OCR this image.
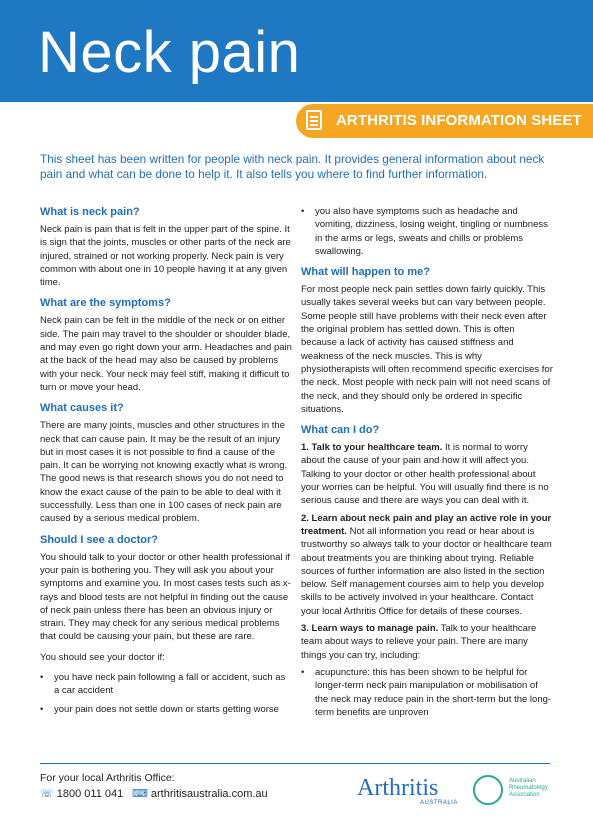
Neck pain
ARTHRITIS INFORMATION SHEET
This sheet has been written for people with neck pain. It provides general information about neck pain and what can be done to help it. It also tells you where to find further information.
What is neck pain?

Neck pain is pain that is felt in the upper part of the spine. It is sign that the joints, muscles or other parts of the neck are injured, strained or not working properly. Neck pain is very common with about one in 10 people having it at any given time.

What are the symptoms?

Neck pain can be felt in the middle of the neck or on either side. The pain may travel to the shoulder or shoulder blade, and may even go right down your arm. Headaches and pain at the back of the head may also be caused by problems with your neck. Your neck may feel stiff, making it difficult to turn or move your head.

What causes it?

There are many joints, muscles and other structures in the neck that can cause pain. It may be the result of an injury but in most cases it is not possible to find a cause of the pain. It can be worrying not knowing exactly what is wrong. The good news is that research shows you do not need to know the exact cause of the pain to be able to deal with it successfully. Less than one in 100 cases of neck pain are caused by a serious medical problem.

Should I see a doctor?

You should talk to your doctor or other health professional if your pain is bothering you. They will ask you about your symptoms and examine you. In most cases tests such as x-rays and blood tests are not helpful in finding out the cause of neck pain unless there has been an obvious injury or strain. They may check for any serious medical problems that could be causing your pain, but these are rare.

You should see your doctor if:

• you have neck pain following a fall or accident, such as a car accident
• your pain does not settle down or starts getting worse
• you also have symptoms such as headache and vomiting, dizziness, losing weight, tingling or numbness in the arms or legs, sweats and chills or problems swallowing.
What will happen to me?

For most people neck pain settles down fairly quickly. This usually takes several weeks but can vary between people. Some people still have problems with their neck even after the original problem has settled down. This is often because a lack of activity has caused stiffness and weakness of the neck muscles. This is why physiotherapists will often recommend specific exercises for the neck. Most people with neck pain will not need scans of the neck, and they should only be ordered in specific situations.

What can I do?

1. Talk to your healthcare team. It is normal to worry about the cause of your pain and how it will affect you. Talking to your doctor or other health professional about your worries can be helpful. You will usually find there is no serious cause and there are ways you can deal with it.

2. Learn about neck pain and play an active role in your treatment. Not all information you read or hear about is trustworthy so always talk to your doctor or healthcare team about treatments you are thinking about trying. Reliable sources of further information are also listed in the section below. Self management courses aim to help you develop skills to be actively involved in your healthcare. Contact your local Arthritis Office for details of these courses.

3. Learn ways to manage pain. Talk to your healthcare team about ways to relieve your pain. There are many things you can try, including:

• acupuncture: this has been shown to be helpful for longer-term neck pain manipulation or mobilisation of the neck may reduce pain in the short-term but the long-term benefits are unproven
For your local Arthritis Office:
☏ 1800 011 041 ⌨ arthritisaustralia.com.au	Arthritis
AUSTRALIA
Australian Rheumatology Association
